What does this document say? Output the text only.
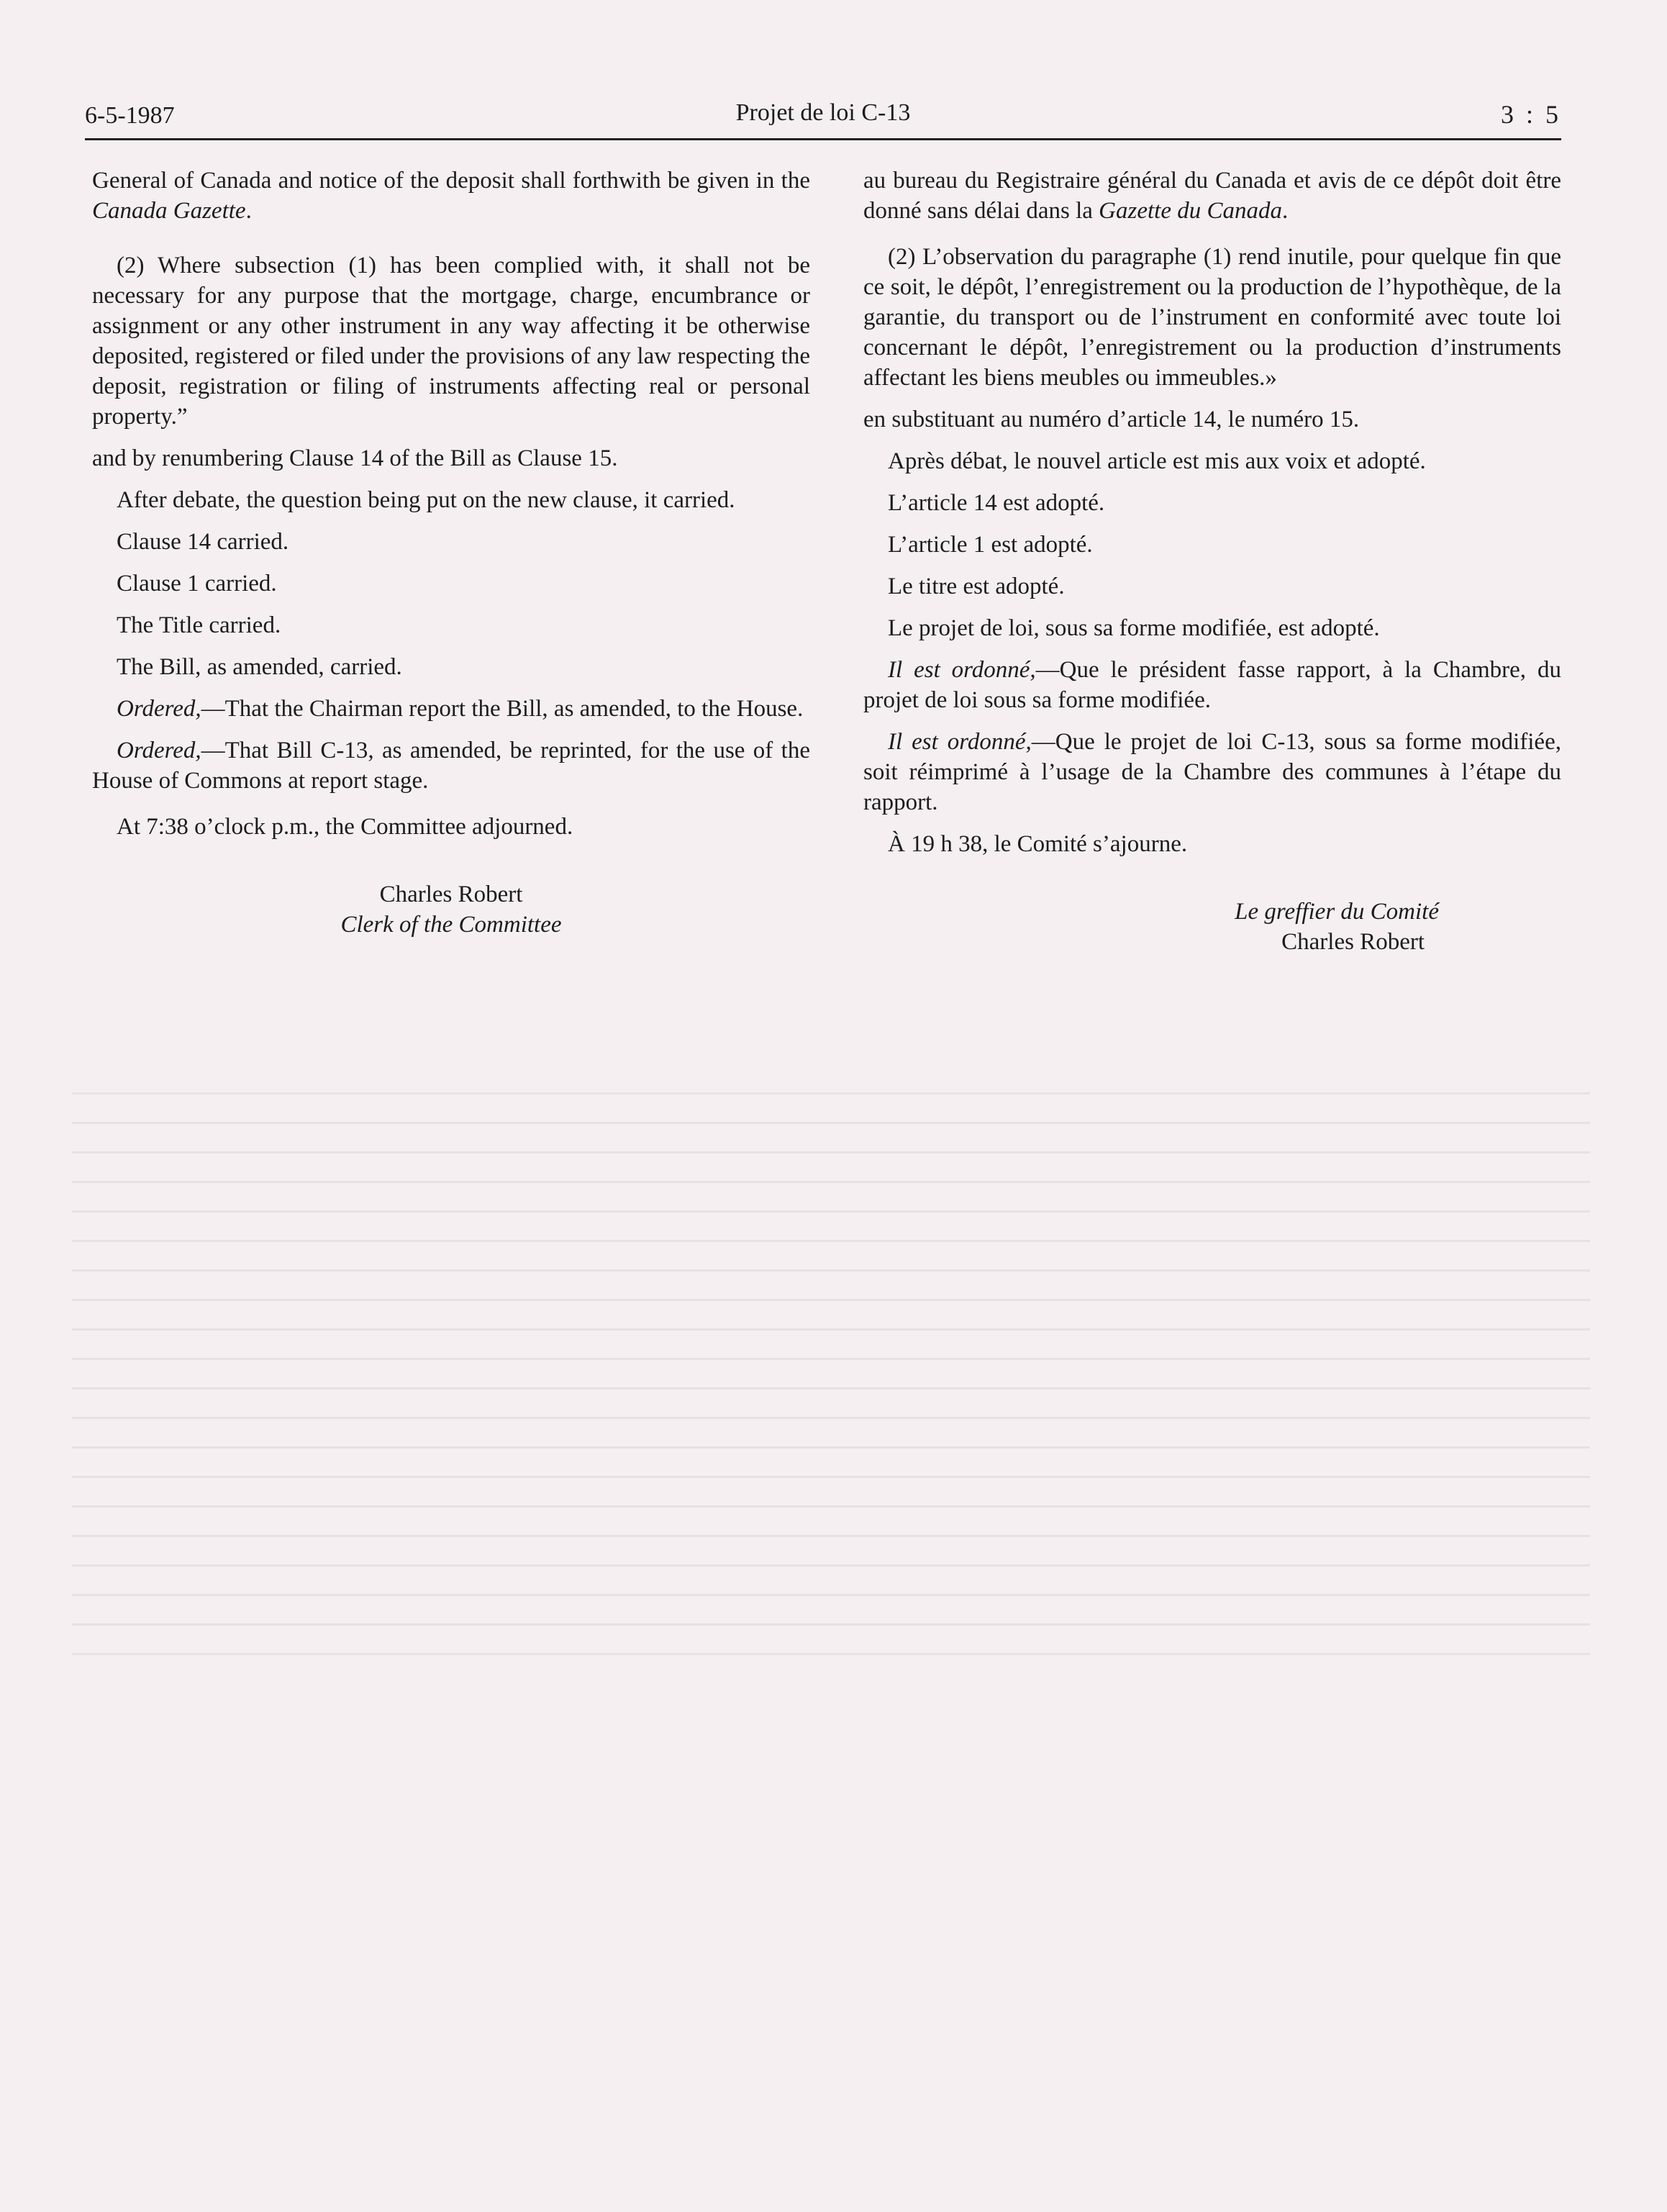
6-5-1987	Projet de loi C-13	3 : 5

General of Canada and notice of the deposit shall forthwith be given in the Canada Gazette.

(2) Where subsection (1) has been complied with, it shall not be necessary for any purpose that the mortgage, charge, encumbrance or assignment or any other instrument in any way affecting it be otherwise deposited, registered or filed under the provisions of any law respecting the deposit, registration or filing of instruments affecting real or personal property.”

and by renumbering Clause 14 of the Bill as Clause 15.

After debate, the question being put on the new clause, it carried.

Clause 14 carried.

Clause 1 carried.

The Title carried.

The Bill, as amended, carried.

Ordered,—That the Chairman report the Bill, as amended, to the House.

Ordered,—That Bill C-13, as amended, be reprinted, for the use of the House of Commons at report stage.

At 7:38 o’clock p.m., the Committee adjourned.

Charles Robert

Clerk of the Committee

au bureau du Registraire général du Canada et avis de ce dépôt doit être donné sans délai dans la Gazette du Canada.

(2) L’observation du paragraphe (1) rend inutile, pour quelque fin que ce soit, le dépôt, l’enregistrement ou la production de l’hypothèque, de la garantie, du transport ou de l’instrument en conformité avec toute loi concernant le dépôt, l’enregistrement ou la production d’instruments affectant les biens meubles ou immeubles.»

en substituant au numéro d’article 14, le numéro 15.

Après débat, le nouvel article est mis aux voix et adopté.

L’article 14 est adopté.

L’article 1 est adopté.

Le titre est adopté.

Le projet de loi, sous sa forme modifiée, est adopté.

Il est ordonné,—Que le président fasse rapport, à la Chambre, du projet de loi sous sa forme modifiée.

Il est ordonné,—Que le projet de loi C-13, sous sa forme modifiée, soit réimprimé à l’usage de la Chambre des communes à l’étape du rapport.

À 19 h 38, le Comité s’ajourne.

Le greffier du Comité

Charles Robert
